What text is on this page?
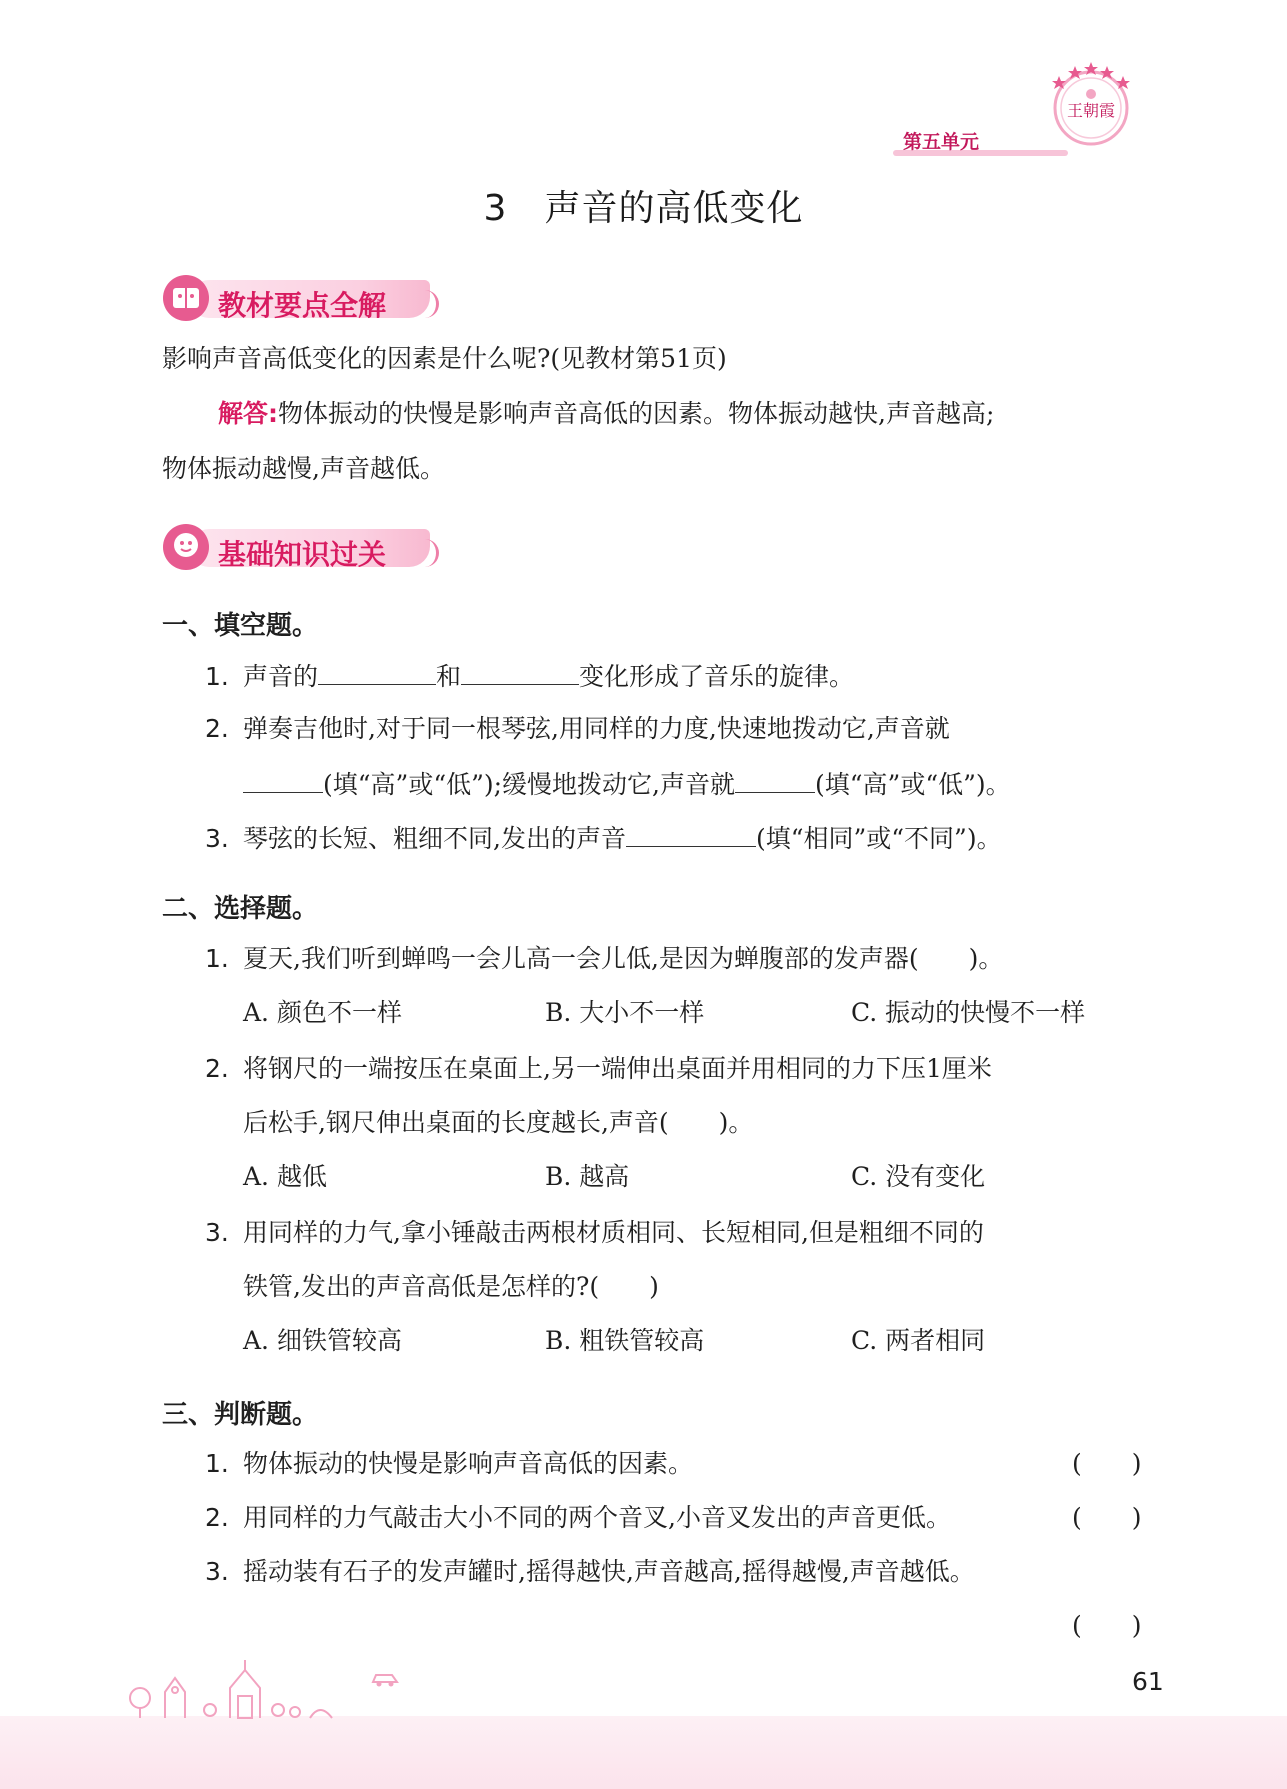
王朝霞
第五单元
3　声音的高低变化
教材要点全解
影响声音高低变化的因素是什么呢?(见教材第51页)
解答:物体振动的快慢是影响声音高低的因素。物体振动越快,声音越高;
物体振动越慢,声音越低。
基础知识过关
一、填空题。
1. 声音的	和	变化形成了音乐的旋律。
2. 弹奏吉他时,对于同一根琴弦,用同样的力度,快速地拨动它,声音就
(填“高”或“低”);缓慢地拨动它,声音就	(填“高”或“低”)。
3. 琴弦的长短、粗细不同,发出的声音	(填“相同”或“不同”)。
二、选择题。
1. 夏天,我们听到蝉鸣一会儿高一会儿低,是因为蝉腹部的发声器(　　)。
A. 颜色不一样	B. 大小不一样	C. 振动的快慢不一样
2. 将钢尺的一端按压在桌面上,另一端伸出桌面并用相同的力下压1厘米
后松手,钢尺伸出桌面的长度越长,声音(　　)。
A. 越低	B. 越高	C. 没有变化
3. 用同样的力气,拿小锤敲击两根材质相同、长短相同,但是粗细不同的
铁管,发出的声音高低是怎样的?(　　)
A. 细铁管较高	B. 粗铁管较高	C. 两者相同
三、判断题。
1. 物体振动的快慢是影响声音高低的因素。	(　　)
2. 用同样的力气敲击大小不同的两个音叉,小音叉发出的声音更低。	(　　)
3. 摇动装有石子的发声罐时,摇得越快,声音越高,摇得越慢,声音越低。
(　　)
61
